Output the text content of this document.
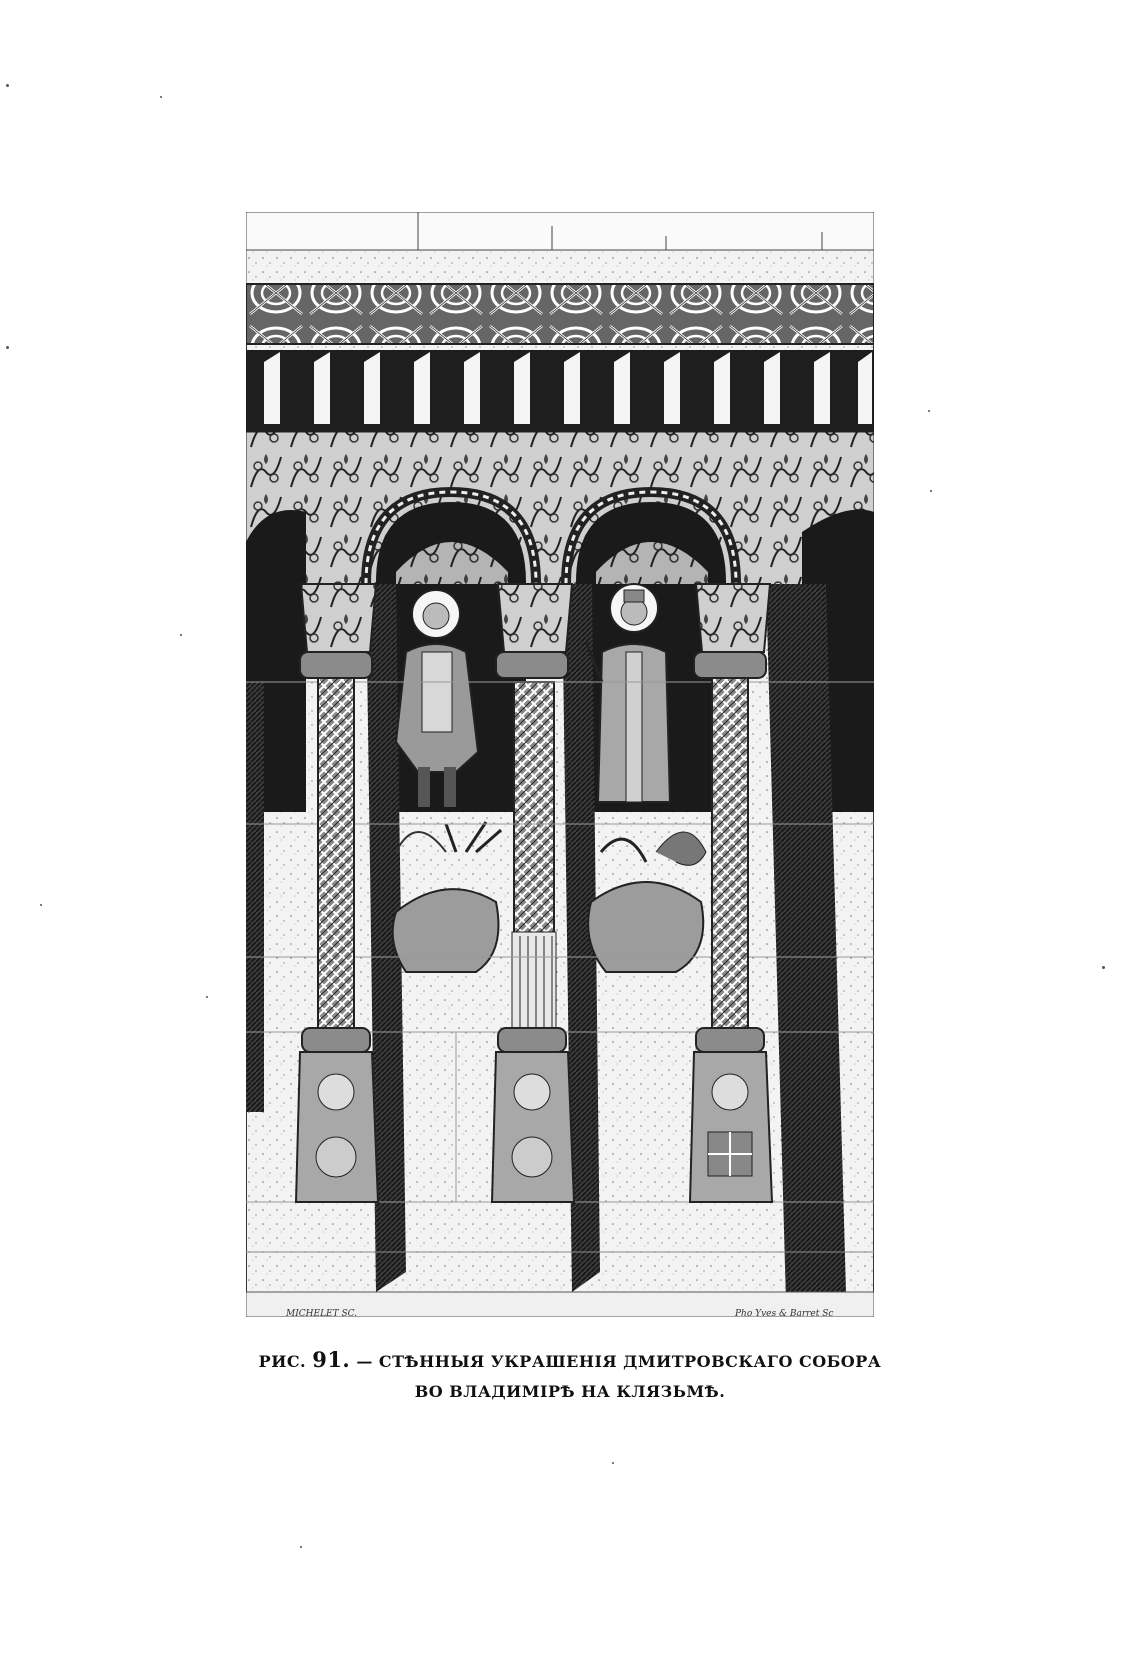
MICHELET SC.	Pho Yves & Barret Sc
РИС. 91. — СТѢННЫЯ УКРАШЕНІЯ ДМИТРОВСКАГО СОБОРА
ВО ВЛАДИМІРѢ НА КЛЯЗЬМѢ.
